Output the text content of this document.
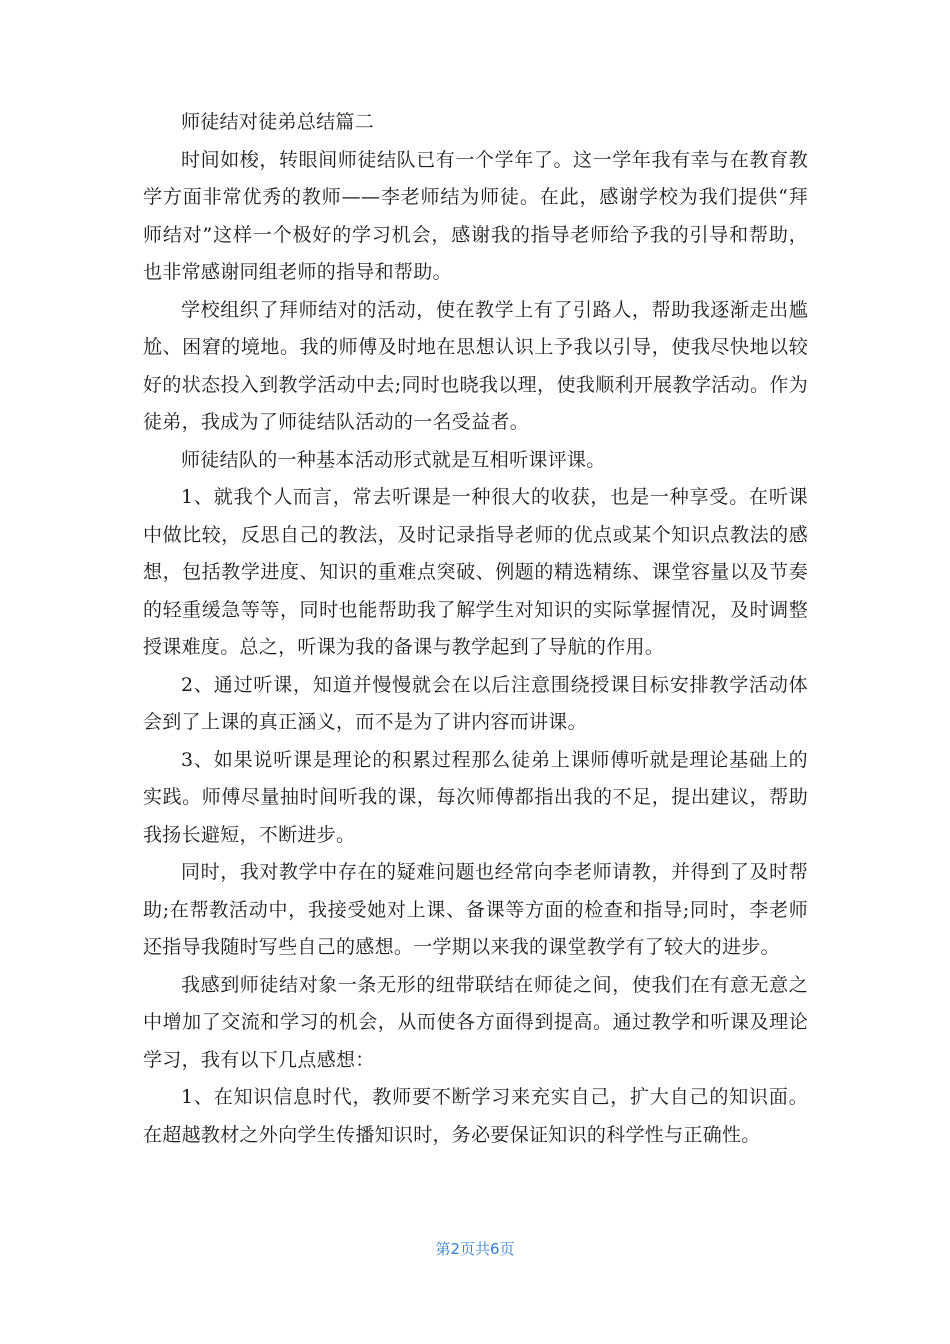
师徒结对徒弟总结篇二

时间如梭，转眼间师徒结队已有一个学年了。这一学年我有幸与在教育教学方面非常优秀的教师——李老师结为师徒。在此，感谢学校为我们提供“拜师结对”这样一个极好的学习机会，感谢我的指导老师给予我的引导和帮助，也非常感谢同组老师的指导和帮助。

学校组织了拜师结对的活动，使在教学上有了引路人，帮助我逐渐走出尴尬、困窘的境地。我的师傅及时地在思想认识上予我以引导，使我尽快地以较好的状态投入到教学活动中去;同时也晓我以理，使我顺利开展教学活动。作为徒弟，我成为了师徒结队活动的一名受益者。

师徒结队的一种基本活动形式就是互相听课评课。

1、就我个人而言，常去听课是一种很大的收获，也是一种享受。在听课中做比较，反思自己的教法，及时记录指导老师的优点或某个知识点教法的感想，包括教学进度、知识的重难点突破、例题的精选精练、课堂容量以及节奏的轻重缓急等等，同时也能帮助我了解学生对知识的实际掌握情况，及时调整授课难度。总之，听课为我的备课与教学起到了导航的作用。

2、通过听课，知道并慢慢就会在以后注意围绕授课目标安排教学活动体会到了上课的真正涵义，而不是为了讲内容而讲课。

3、如果说听课是理论的积累过程那么徒弟上课师傅听就是理论基础上的实践。师傅尽量抽时间听我的课，每次师傅都指出我的不足，提出建议，帮助我扬长避短，不断进步。

同时，我对教学中存在的疑难问题也经常向李老师请教，并得到了及时帮助;在帮教活动中，我接受她对上课、备课等方面的检查和指导;同时，李老师还指导我随时写些自己的感想。一学期以来我的课堂教学有了较大的进步。

我感到师徒结对象一条无形的纽带联结在师徒之间，使我们在有意无意之中增加了交流和学习的机会，从而使各方面得到提高。通过教学和听课及理论学习，我有以下几点感想：

1、在知识信息时代，教师要不断学习来充实自己，扩大自己的知识面。在超越教材之外向学生传播知识时，务必要保证知识的科学性与正确性。

第2页共6页
